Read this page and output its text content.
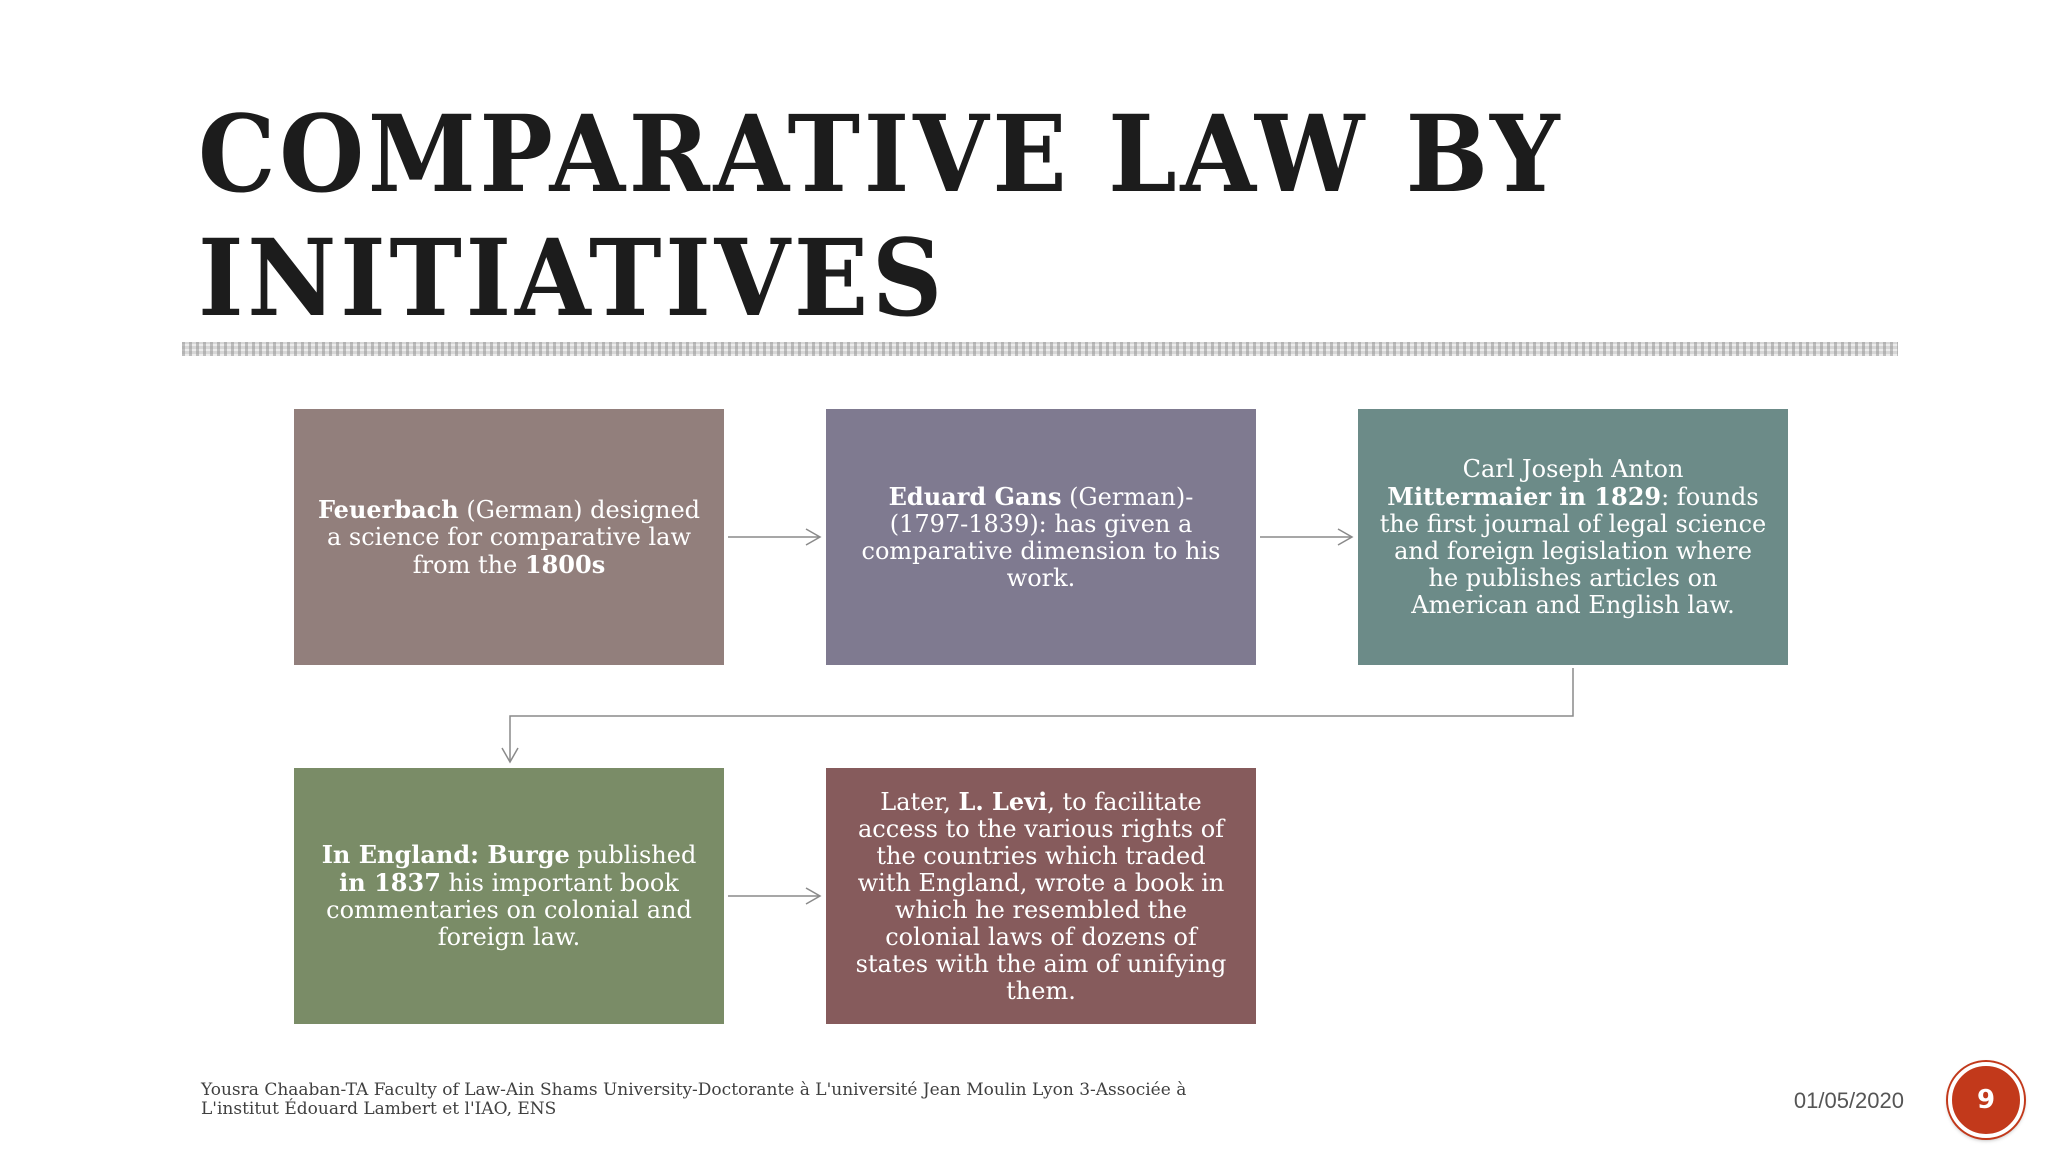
COMPARATIVE LAW BY INITIATIVES
Feuerbach (German) designed a science for comparative law from the 1800s
Eduard Gans (German)- (1797-1839): has given a comparative dimension to his work.
Carl Joseph Anton Mittermaier in 1829: founds the first journal of legal science and foreign legislation where he publishes articles on American and English law.
In England: Burge published in 1837 his important book commentaries on colonial and foreign law.
Later, L. Levi, to facilitate access to the various rights of the countries which traded with England, wrote a book in which he resembled the colonial laws of dozens of states with the aim of unifying them.
Yousra Chaaban-TA Faculty of Law-Ain Shams University-Doctorante à L'université Jean Moulin Lyon 3-Associée à L'institut Édouard Lambert et l'IAO, ENS	01/05/2020	9
